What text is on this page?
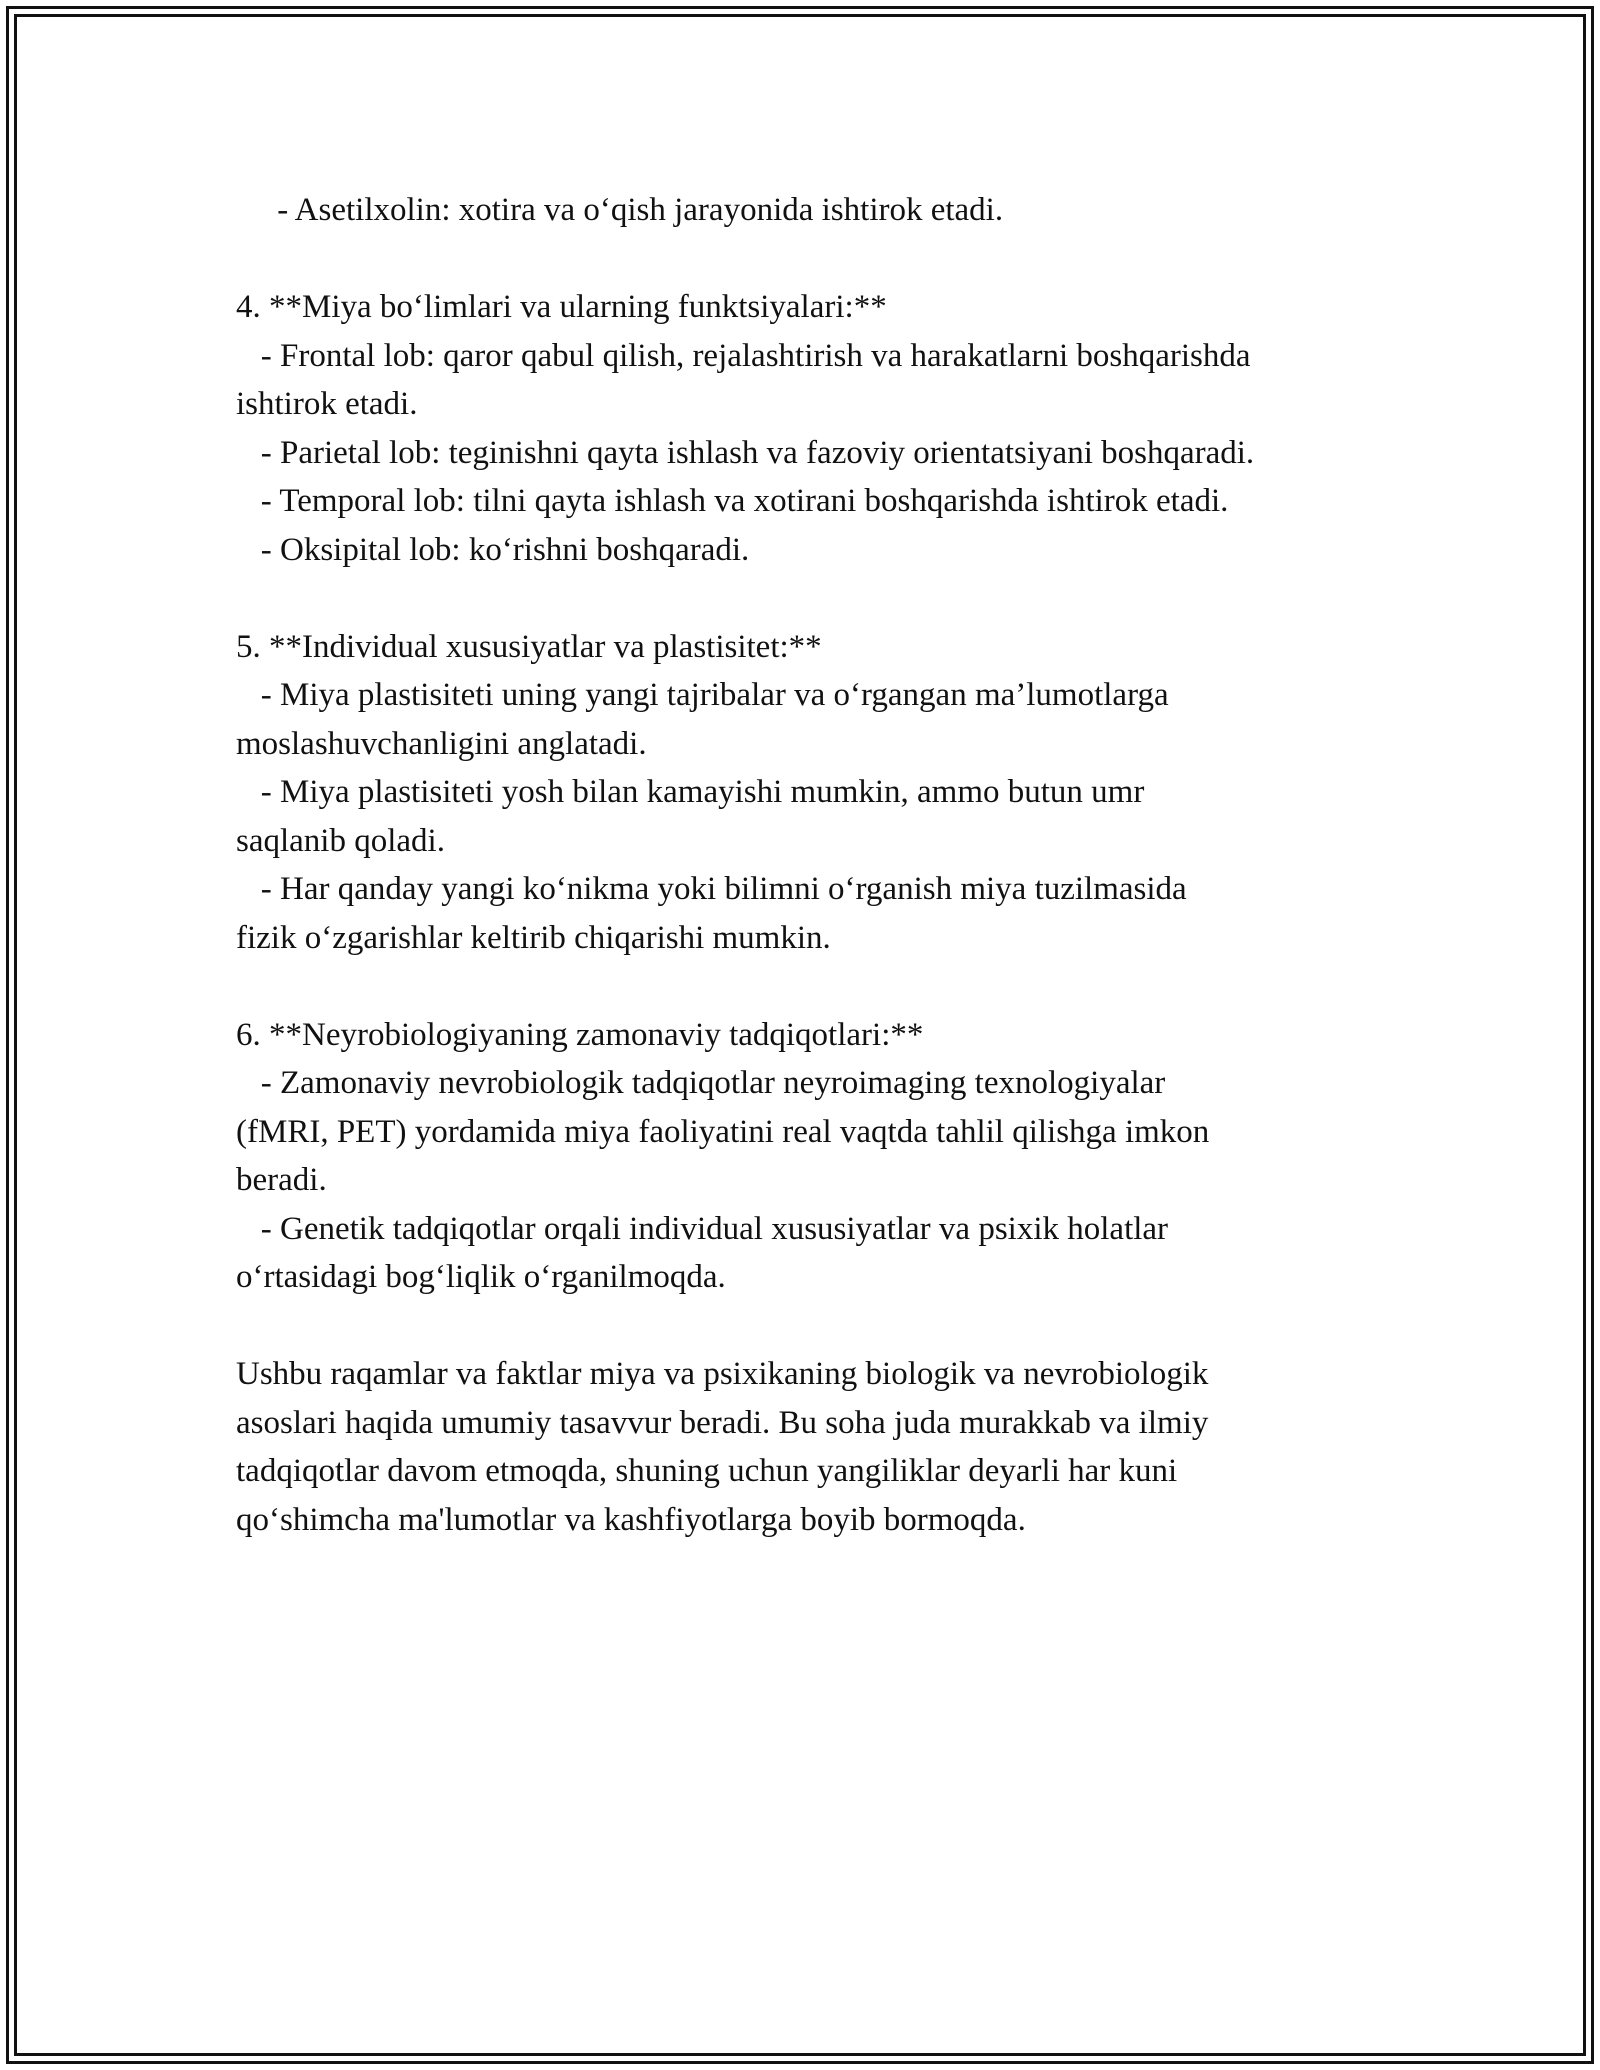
- Asetilxolin: xotira va o‘qish jarayonida ishtirok etadi.

4. **Miya bo‘limlari va ularning funktsiyalari:**

- Frontal lob: qaror qabul qilish, rejalashtirish va harakatlarni boshqarishda

ishtirok etadi.

- Parietal lob: teginishni qayta ishlash va fazoviy orientatsiyani boshqaradi.

- Temporal lob: tilni qayta ishlash va xotirani boshqarishda ishtirok etadi.

- Oksipital lob: ko‘rishni boshqaradi.

5. **Individual xususiyatlar va plastisitet:**

- Miya plastisiteti uning yangi tajribalar va o‘rgangan ma’lumotlarga

moslashuvchanligini anglatadi.

- Miya plastisiteti yosh bilan kamayishi mumkin, ammo butun umr

saqlanib qoladi.

- Har qanday yangi ko‘nikma yoki bilimni o‘rganish miya tuzilmasida

fizik o‘zgarishlar keltirib chiqarishi mumkin.

6. **Neyrobiologiyaning zamonaviy tadqiqotlari:**

- Zamonaviy nevrobiologik tadqiqotlar neyroimaging texnologiyalar

(fMRI, PET) yordamida miya faoliyatini real vaqtda tahlil qilishga imkon

beradi.

- Genetik tadqiqotlar orqali individual xususiyatlar va psixik holatlar

o‘rtasidagi bog‘liqlik o‘rganilmoqda.

Ushbu raqamlar va faktlar miya va psixikaning biologik va nevrobiologik

asoslari haqida umumiy tasavvur beradi. Bu soha juda murakkab va ilmiy

tadqiqotlar davom etmoqda, shuning uchun yangiliklar deyarli har kuni

qo‘shimcha ma'lumotlar va kashfiyotlarga boyib bormoqda.
